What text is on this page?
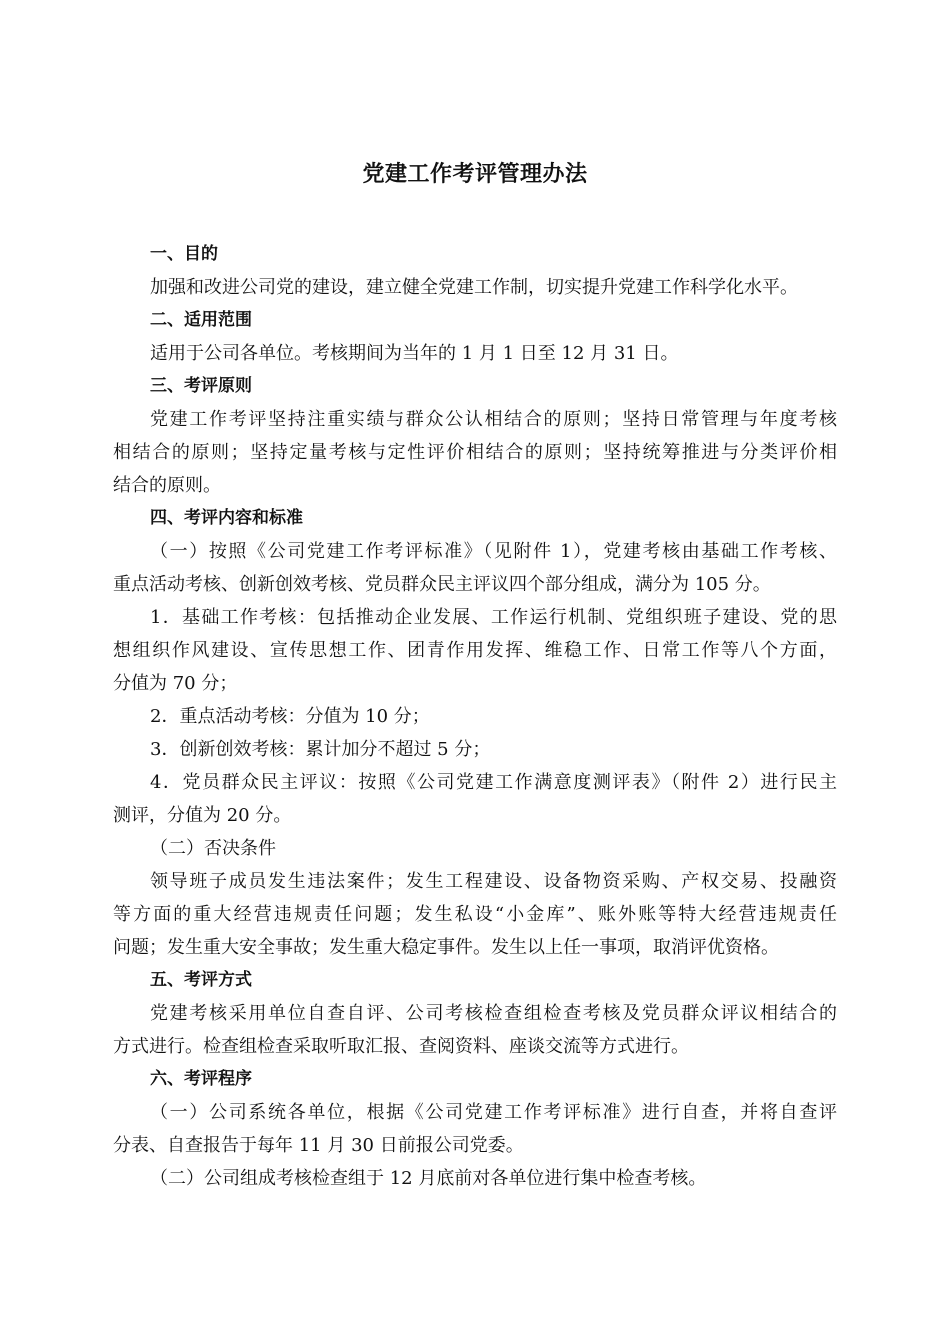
党建工作考评管理办法
一、目的
加强和改进公司党的建设，建立健全党建工作制，切实提升党建工作科学化水平。
二、适用范围
适用于公司各单位。考核期间为当年的 1 月 1 日至 12 月 31 日。
三、考评原则
党建工作考评坚持注重实绩与群众公认相结合的原则；坚持日常管理与年度考核
相结合的原则；坚持定量考核与定性评价相结合的原则；坚持统筹推进与分类评价相
结合的原则。
四、考评内容和标准
（一）按照《公司党建工作考评标准》（见附件 1），党建考核由基础工作考核、
重点活动考核、创新创效考核、党员群众民主评议四个部分组成，满分为 105 分。
1．基础工作考核：包括推动企业发展、工作运行机制、党组织班子建设、党的思
想组织作风建设、宣传思想工作、团青作用发挥、维稳工作、日常工作等八个方面，
分值为 70 分；
2．重点活动考核：分值为 10 分；
3．创新创效考核：累计加分不超过 5 分；
4．党员群众民主评议：按照《公司党建工作满意度测评表》（附件 2）进行民主
测评，分值为 20 分。
（二）否决条件
领导班子成员发生违法案件；发生工程建设、设备物资采购、产权交易、投融资
等方面的重大经营违规责任问题；发生私设“小金库”、账外账等特大经营违规责任
问题；发生重大安全事故；发生重大稳定事件。发生以上任一事项，取消评优资格。
五、考评方式
党建考核采用单位自查自评、公司考核检查组检查考核及党员群众评议相结合的
方式进行。检查组检查采取听取汇报、查阅资料、座谈交流等方式进行。
六、考评程序
（一）公司系统各单位，根据《公司党建工作考评标准》进行自查，并将自查评
分表、自查报告于每年 11 月 30 日前报公司党委。
（二）公司组成考核检查组于 12 月底前对各单位进行集中检查考核。
